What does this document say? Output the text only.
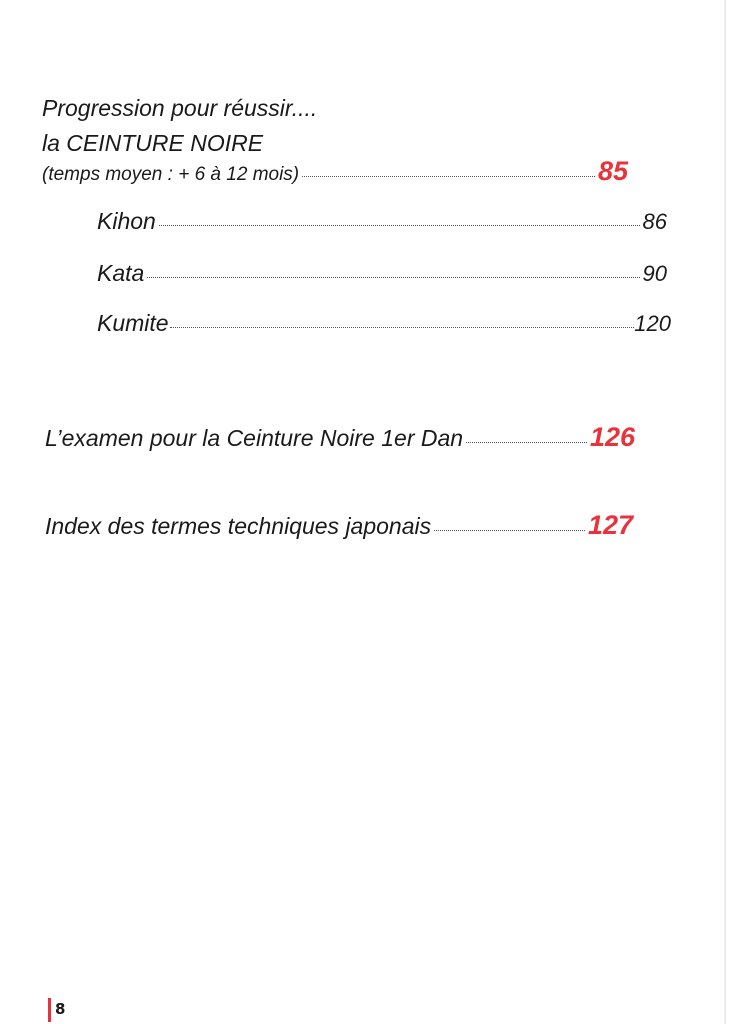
Progression pour réussir....
la CEINTURE NOIRE
(temps moyen : + 6 à 12 mois)	85
Kihon	86
Kata	90
Kumite	120
L’examen pour la Ceinture Noire 1er Dan	126
Index des termes techniques japonais	127
8
